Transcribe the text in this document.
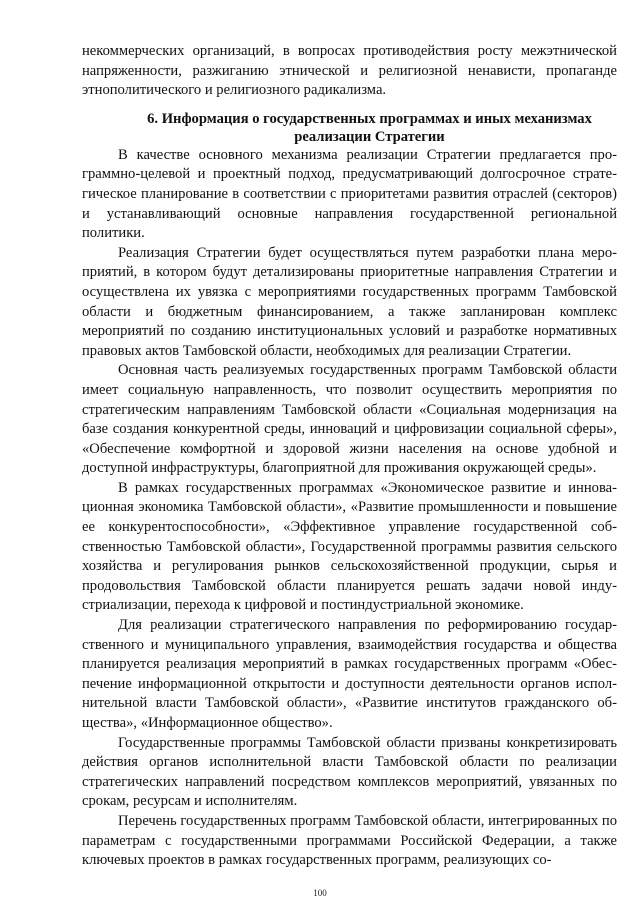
некоммерческих организаций, в вопросах противодействия росту межэтнической напряженности, разжиганию этнической и религиозной ненависти, пропаганде этнополитического и религиозного радикализма.

6. Информация о государственных программах и иных механизмах реализации Стратегии

В качестве основного механизма реализации Стратегии предлагается программно-целевой и проектный подход, предусматривающий долгосрочное стратегическое планирование в соответствии с приоритетами развития отраслей (секторов) и устанавливающий основные направления государственной региональной политики.

Реализация Стратегии будет осуществляться путем разработки плана мероприятий, в котором будут детализированы приоритетные направления Стратегии и осуществлена их увязка с мероприятиями государственных программ Тамбовской области и бюджетным финансированием, а также запланирован комплекс мероприятий по созданию институциональных условий и разработке нормативных правовых актов Тамбовской области, необходимых для реализации Стратегии.

Основная часть реализуемых государственных программ Тамбовской области имеет социальную направленность, что позволит осуществить мероприятия по стратегическим направлениям Тамбовской области «Социальная модернизация на базе создания конкурентной среды, инноваций и цифровизации социальной сферы», «Обеспечение комфортной и здоровой жизни населения на основе удобной и доступной инфраструктуры, благоприятной для проживания окружающей среды».

В рамках государственных программах «Экономическое развитие и инновационная экономика Тамбовской области», «Развитие промышленности и повышение ее конкурентоспособности», «Эффективное управление государственной собственностью Тамбовской области», Государственной программы развития сельского хозяйства и регулирования рынков сельскохозяйственной продукции, сырья и продовольствия Тамбовской области планируется решать задачи новой индустриализации, перехода к цифровой и постиндустриальной экономике.

Для реализации стратегического направления по реформированию государственного и муниципального управления, взаимодействия государства и общества планируется реализация мероприятий в рамках государственных программ «Обеспечение информационной открытости и доступности деятельности органов исполнительной власти Тамбовской области», «Развитие институтов гражданского общества», «Информационное общество».

Государственные программы Тамбовской области призваны конкретизировать действия органов исполнительной власти Тамбовской области по реализации стратегических направлений посредством комплексов мероприятий, увязанных по срокам, ресурсам и исполнителям.

Перечень государственных программ Тамбовской области, интегрированных по параметрам с государственными программами Российской Федерации, а также ключевых проектов в рамках государственных программ, реализующих со-

100
